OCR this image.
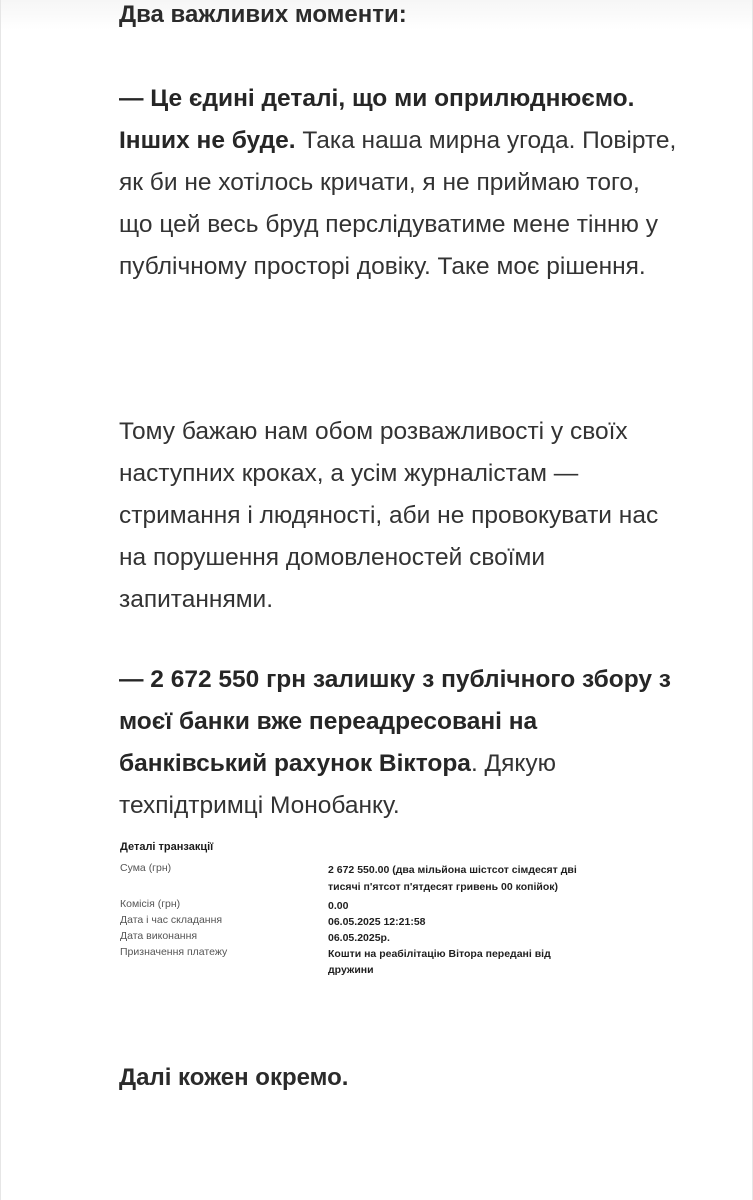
Два важливих моменти:

— Це єдині деталі, що ми оприлюднюємо. Інших не буде. Така наша мирна угода. Повірте, як би не хотілось кричати, я не приймаю того, що цей весь бруд перслідуватиме мене тінню у публічному просторі довіку. Таке моє рішення.

Тому бажаю нам обом розважливості у своїх наступних кроках, а усім журналістам — стримання і людяності, аби не провокувати нас на порушення домовленостей своїми запитаннями.

— 2 672 550 грн залишку з публічного збору з моєї банки вже переадресовані на банківський рахунок Віктора. Дякую техпідтримці Монобанку.

Деталі транзакції
Сума (грн)	2 672 550.00 (два мільйона шістсот сімдесят дві тисячі п'ятсот п'ятдесят гривень 00 копійок)
Комісія (грн)	0.00
Дата і час складання	06.05.2025 12:21:58
Дата виконання	06.05.2025р.
Призначення платежу	Кошти на реабілітацію Вітора передані від дружини

Далі кожен окремо.
